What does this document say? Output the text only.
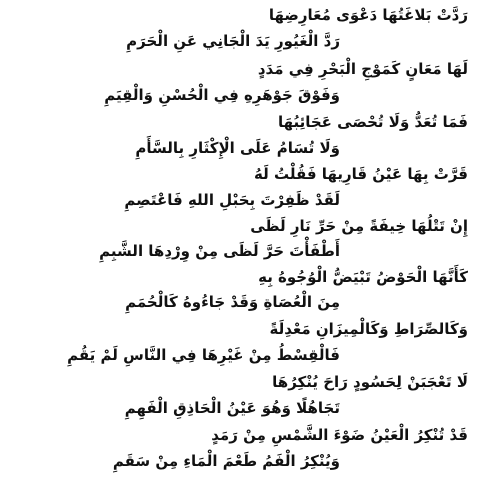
رَدَّتْ بَلاغَتُهَا دَعْوَى مُعَارِضِهَا
رَدَّ الْغَيُورِ يَدَ الْجَانِي عَنِ الْحَرَمِ
لَهَا مَعَانٍ كَمَوْجِ الْبَحْرِ فِي مَدَدٍ
وَفَوْقَ جَوْهَرِهِ فِي الْحُسْنِ وَالْقِيَمِ
فَمَا تُعَدُّ وَلَا تُحْصَى عَجَائِبُهَا
وَلَا تُسَامُ عَلَى الْإِكْثَارِ بِالسَّأَمِ
قَرَّتْ بِهَا عَيْنُ قَارِيهَا فَقُلْتُ لَهُ
لَقَدْ ظَفِرْتَ بِحَبْلِ اللهِ فَاعْتَصِمِ
إِنْ تَتْلُهَا خِيفَةً مِنْ حَرِّ نَارِ لَظَى
أَطْفَأْتَ حَرَّ لَظَى مِنْ وِرْدِهَا الشَّبِمِ
كَأَنَّهَا الْحَوْضُ تَبْيَضُّ الْوُجُوهُ بِهِ
مِنَ الْعُصَاةِ وَقَدْ جَاءُوهُ كَالْحُمَمِ
وَكَالصِّرَاطِ وَكَالْمِيزَانِ مَعْدِلَةً
فَالْقِسْطُ مِنْ غَيْرِهَا فِي النَّاسِ لَمْ يَقُمِ
لَا تَعْجَبَنْ لِحَسُودٍ رَاحَ يُنْكِرُهَا
تَجَاهُلًا وَهُوَ عَيْنُ الْحَاذِقِ الْفَهِمِ
قَدْ تُنْكِرُ الْعَيْنُ ضَوْءَ الشَّمْسِ مِنْ رَمَدٍ
وَيُنْكِرُ الْفَمُ طَعْمَ الْمَاءِ مِنْ سَقَمِ
